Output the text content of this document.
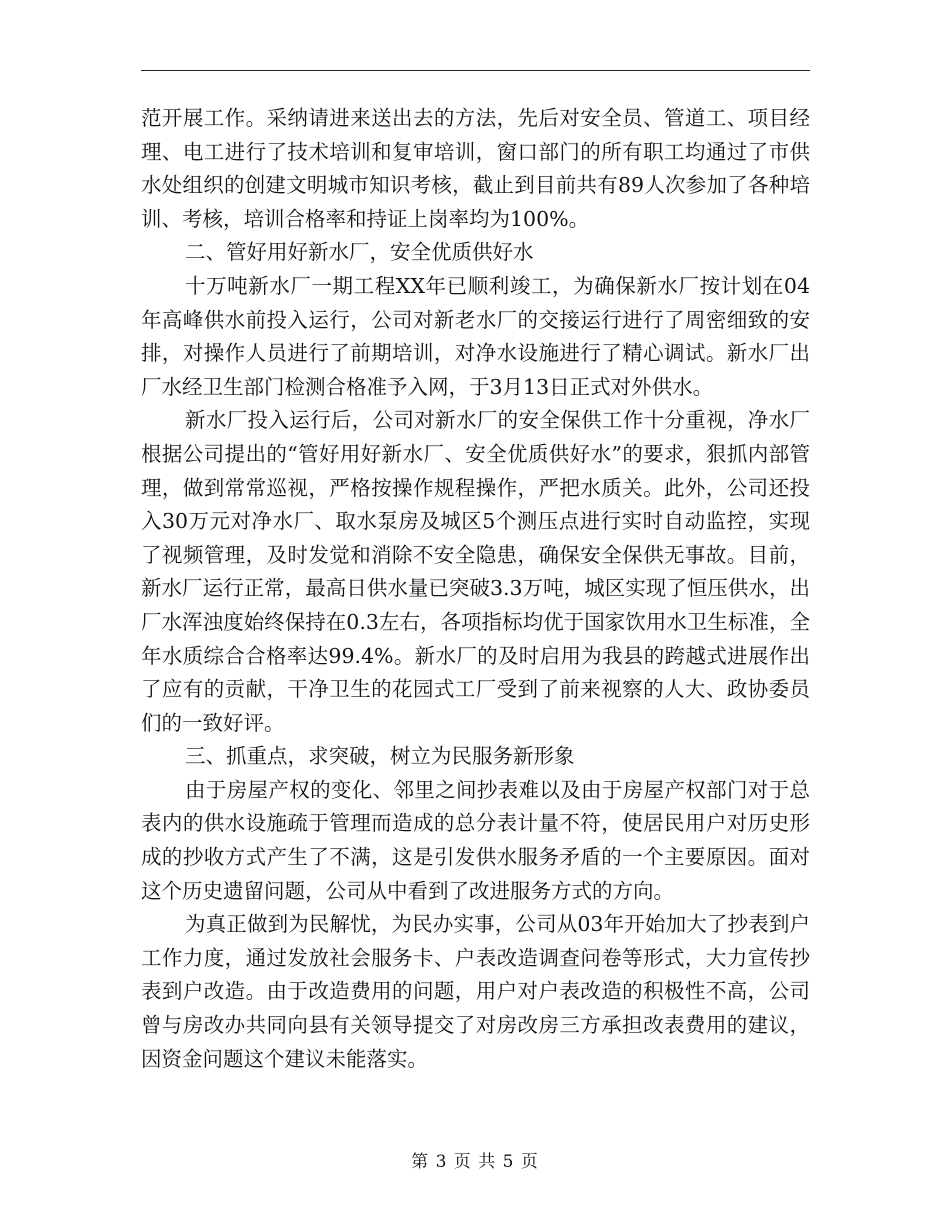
范开展工作。采纳请进来送出去的方法，先后对安全员、管道工、项目经理、电工进行了技术培训和复审培训，窗口部门的所有职工均通过了市供水处组织的创建文明城市知识考核，截止到目前共有89人次参加了各种培训、考核，培训合格率和持证上岗率均为100%。

二、管好用好新水厂，安全优质供好水

十万吨新水厂一期工程XX年已顺利竣工，为确保新水厂按计划在04年高峰供水前投入运行，公司对新老水厂的交接运行进行了周密细致的安排，对操作人员进行了前期培训，对净水设施进行了精心调试。新水厂出厂水经卫生部门检测合格准予入网，于3月13日正式对外供水。

新水厂投入运行后，公司对新水厂的安全保供工作十分重视，净水厂根据公司提出的“管好用好新水厂、安全优质供好水”的要求，狠抓内部管理，做到常常巡视，严格按操作规程操作，严把水质关。此外，公司还投入30万元对净水厂、取水泵房及城区5个测压点进行实时自动监控，实现了视频管理，及时发觉和消除不安全隐患，确保安全保供无事故。目前，新水厂运行正常，最高日供水量已突破3.3万吨，城区实现了恒压供水，出厂水浑浊度始终保持在0.3左右，各项指标均优于国家饮用水卫生标准，全年水质综合合格率达99.4%。新水厂的及时启用为我县的跨越式进展作出了应有的贡献，干净卫生的花园式工厂受到了前来视察的人大、政协委员们的一致好评。

三、抓重点，求突破，树立为民服务新形象

由于房屋产权的变化、邻里之间抄表难以及由于房屋产权部门对于总表内的供水设施疏于管理而造成的总分表计量不符，使居民用户对历史形成的抄收方式产生了不满，这是引发供水服务矛盾的一个主要原因。面对这个历史遗留问题，公司从中看到了改进服务方式的方向。

为真正做到为民解忧，为民办实事，公司从03年开始加大了抄表到户工作力度，通过发放社会服务卡、户表改造调查问卷等形式，大力宣传抄表到户改造。由于改造费用的问题，用户对户表改造的积极性不高，公司曾与房改办共同向县有关领导提交了对房改房三方承担改表费用的建议，因资金问题这个建议未能落实。

第 3 页 共 5 页
